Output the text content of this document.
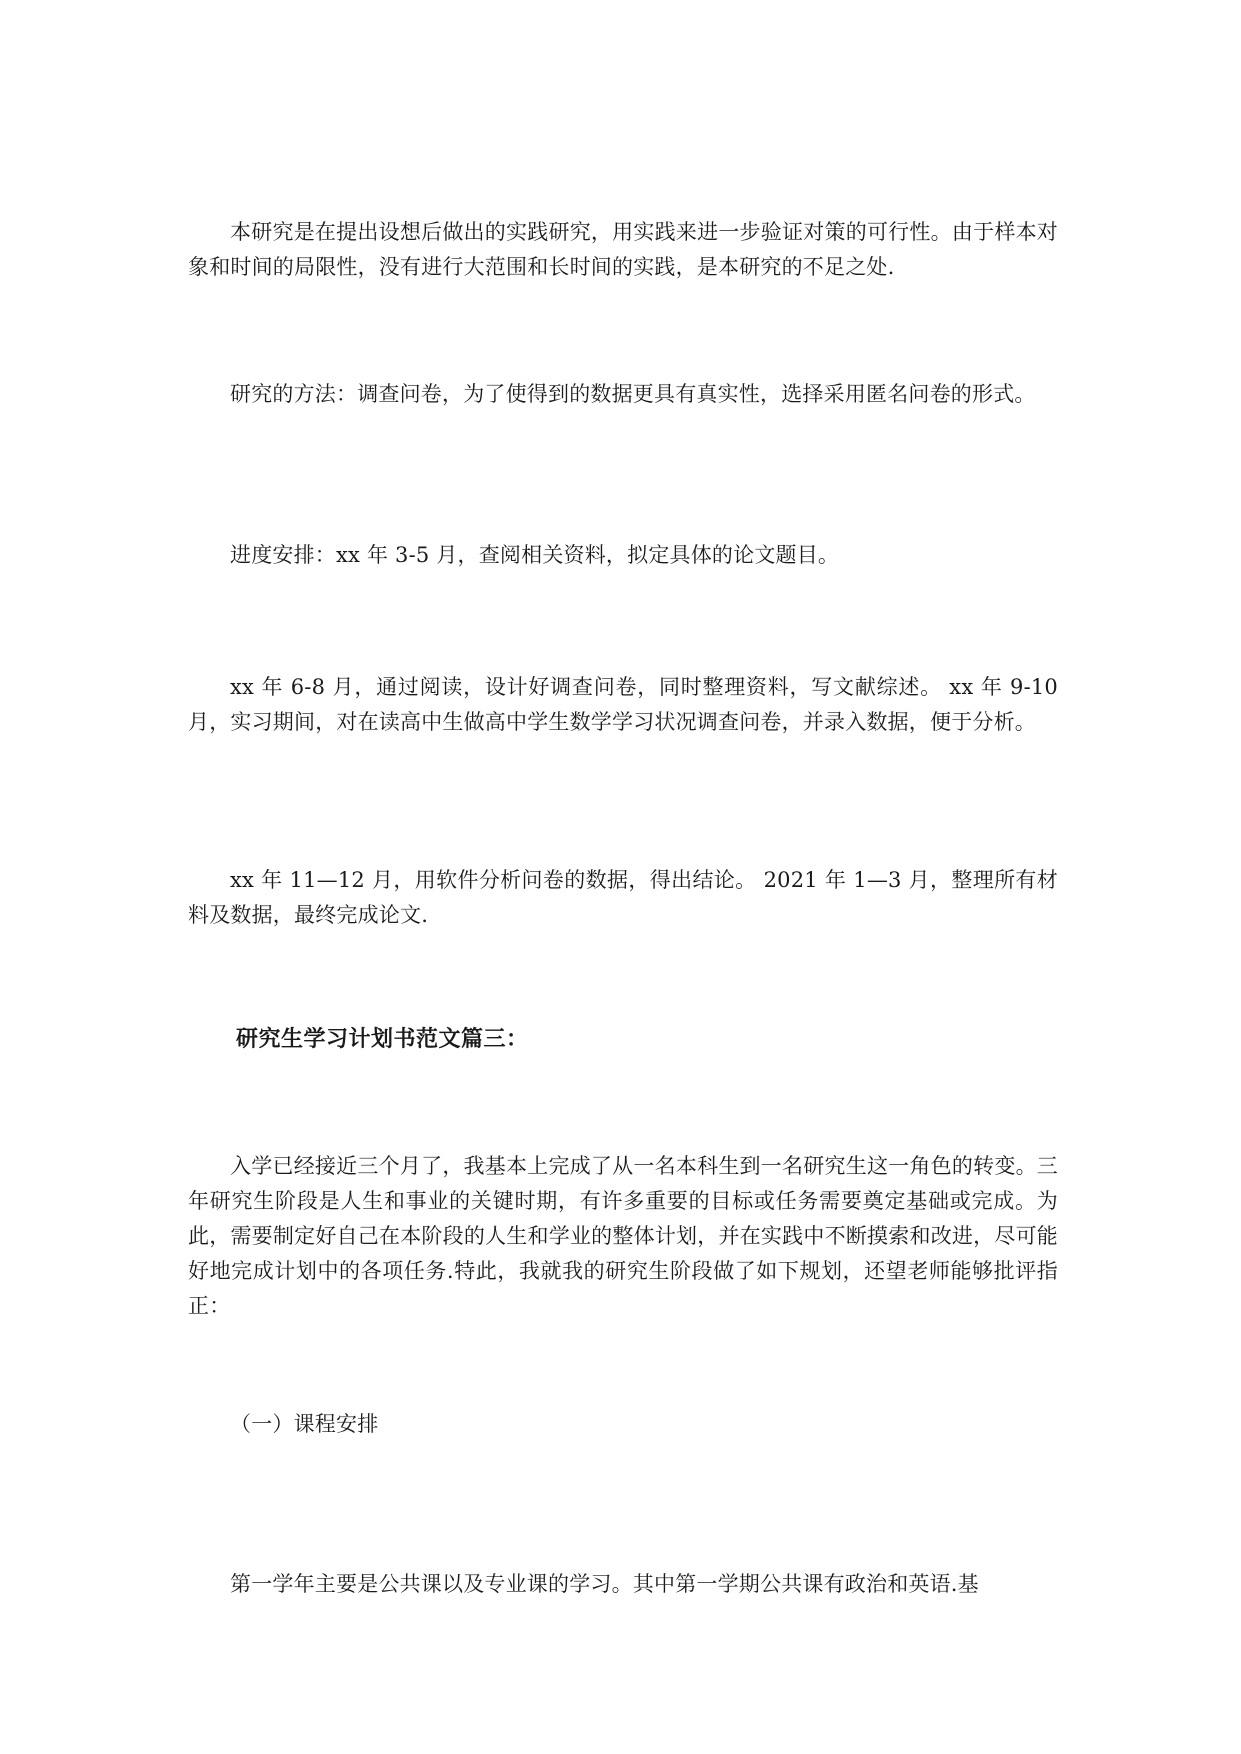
本研究是在提出设想后做出的实践研究，用实践来进一步验证对策的可行性。由于样本对象和时间的局限性，没有进行大范围和长时间的实践，是本研究的不足之处.

研究的方法：调查问卷，为了使得到的数据更具有真实性，选择采用匿名问卷的形式。

进度安排：xx 年 3-5 月，查阅相关资料，拟定具体的论文题目。

xx 年 6-8 月，通过阅读，设计好调查问卷，同时整理资料，写文献综述。 xx 年 9-10 月，实习期间，对在读高中生做高中学生数学学习状况调查问卷，并录入数据，便于分析。

xx 年 11—12 月，用软件分析问卷的数据，得出结论。 2021 年 1—3 月，整理所有材料及数据，最终完成论文.

研究生学习计划书范文篇三：

入学已经接近三个月了，我基本上完成了从一名本科生到一名研究生这一角色的转变。三年研究生阶段是人生和事业的关键时期，有许多重要的目标或任务需要奠定基础或完成。为此，需要制定好自己在本阶段的人生和学业的整体计划，并在实践中不断摸索和改进，尽可能好地完成计划中的各项任务.特此，我就我的研究生阶段做了如下规划，还望老师能够批评指正：

（一）课程安排

第一学年主要是公共课以及专业课的学习。其中第一学期公共课有政治和英语.基
